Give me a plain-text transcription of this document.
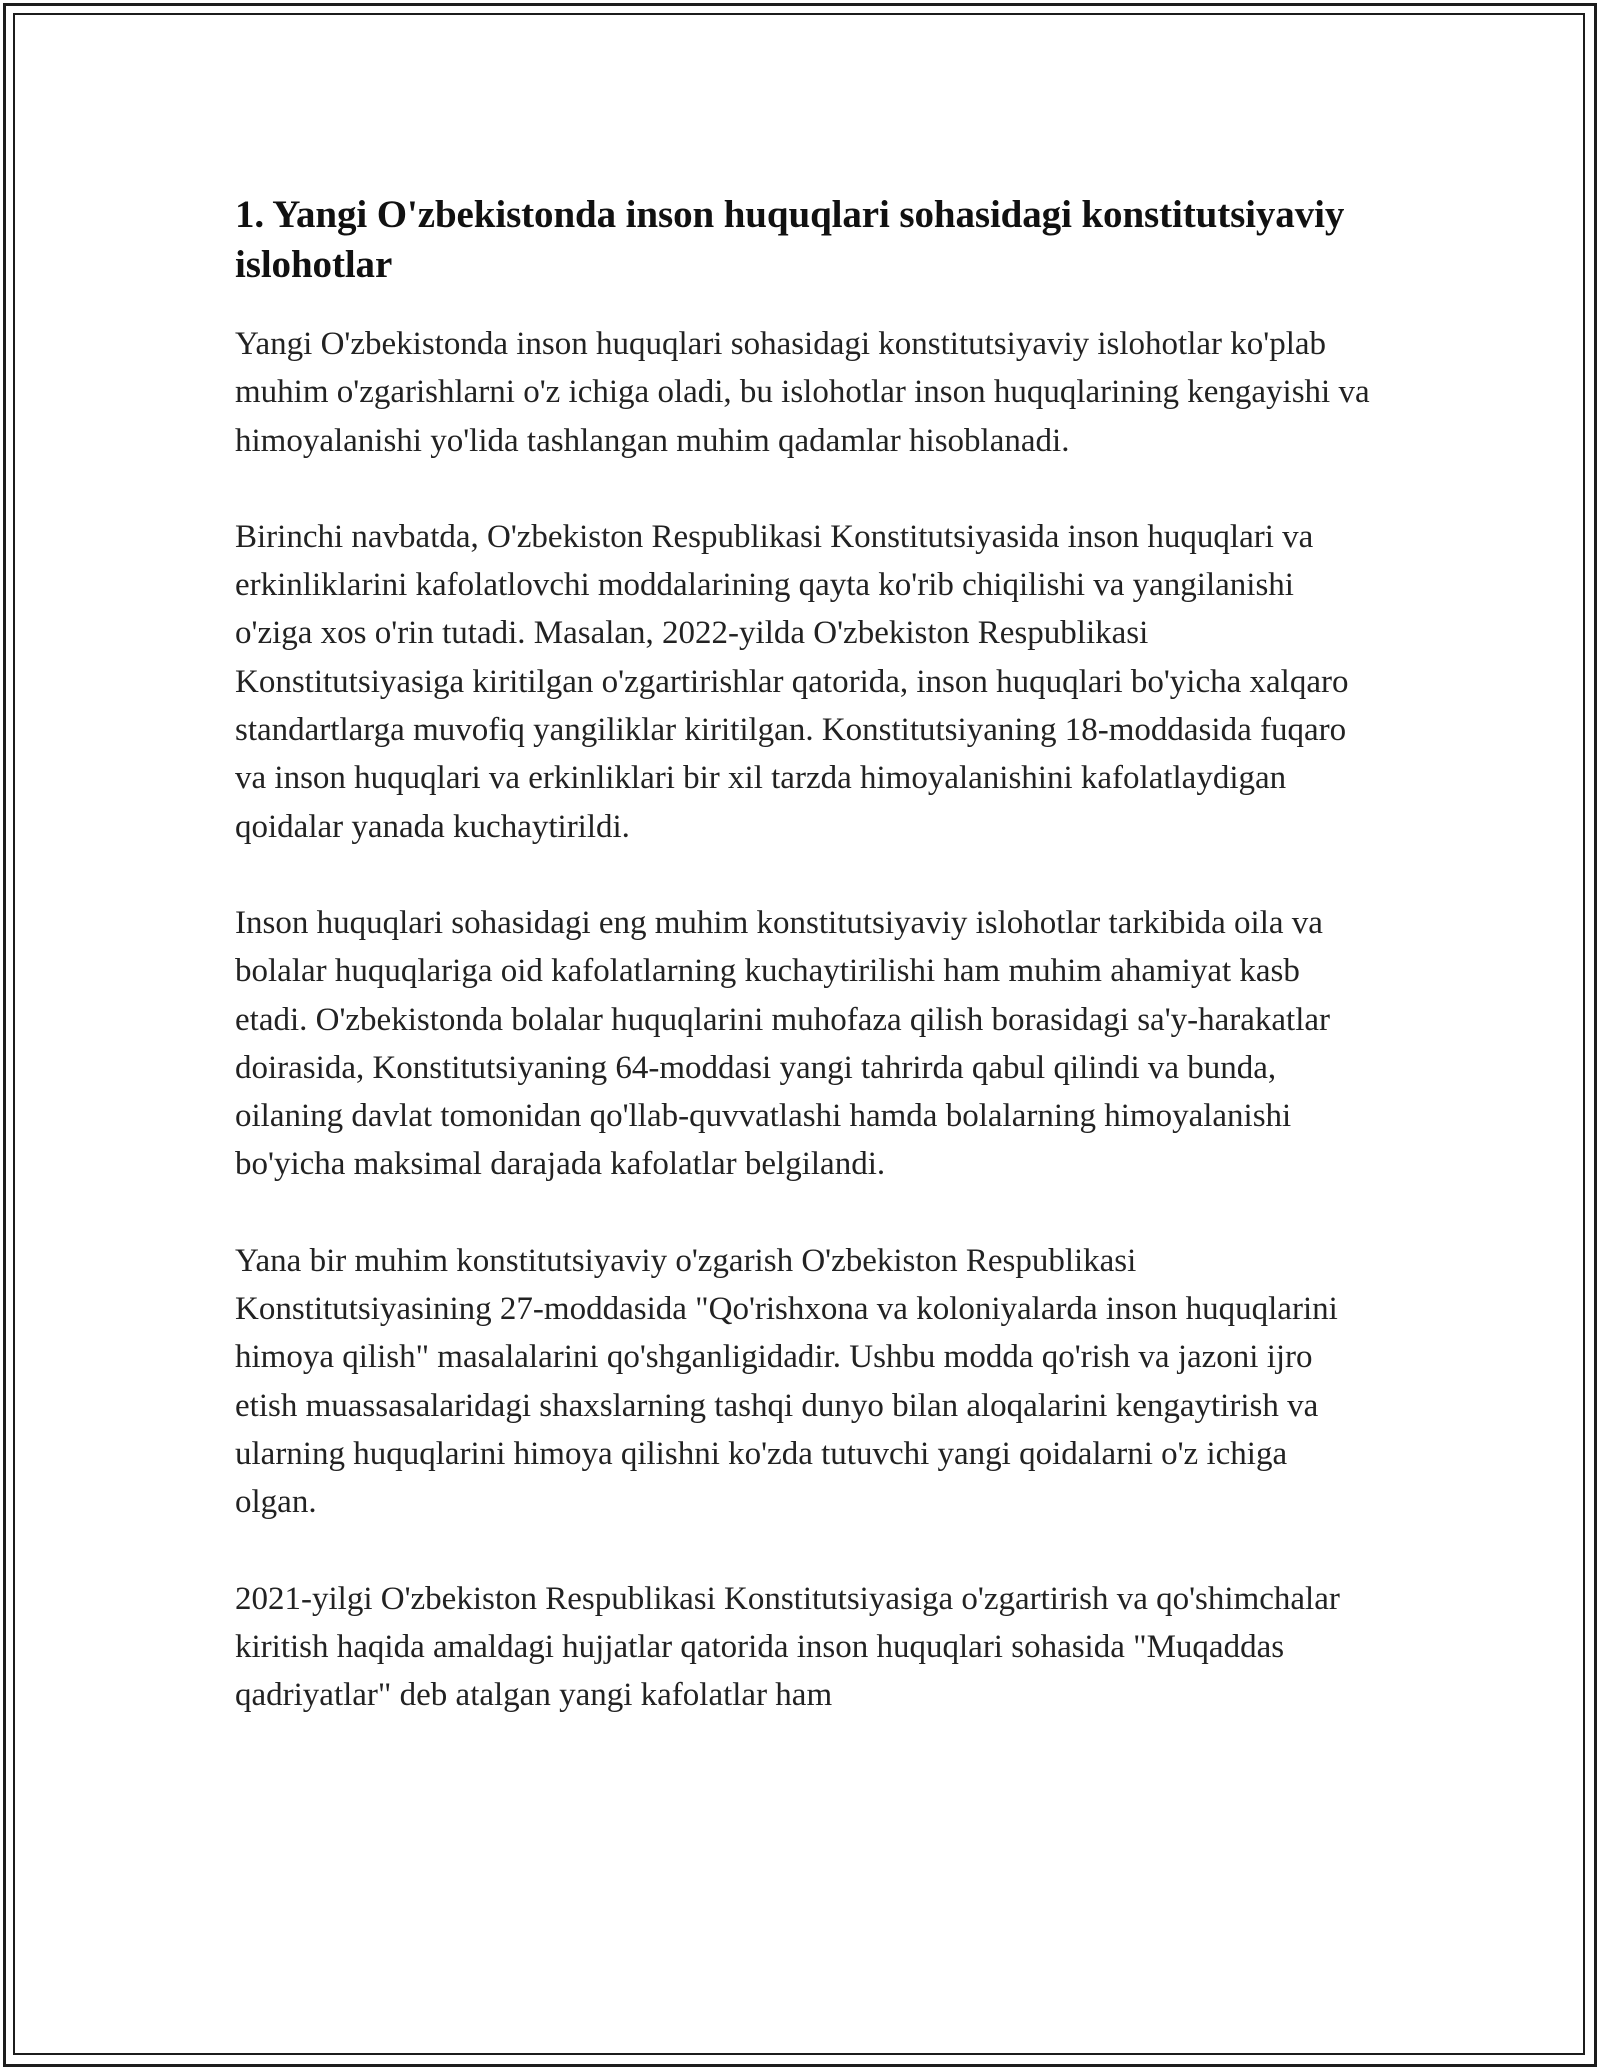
1. Yangi O'zbekistonda inson huquqlari sohasidagi konstitutsiyaviy islohotlar

Yangi O'zbekistonda inson huquqlari sohasidagi konstitutsiyaviy islohotlar ko'plab muhim o'zgarishlarni o'z ichiga oladi, bu islohotlar inson huquqlarining kengayishi va himoyalanishi yo'lida tashlangan muhim qadamlar hisoblanadi.

Birinchi navbatda, O'zbekiston Respublikasi Konstitutsiyasida inson huquqlari va erkinliklarini kafolatlovchi moddalarining qayta ko'rib chiqilishi va yangilanishi o'ziga xos o'rin tutadi. Masalan, 2022-yilda O'zbekiston Respublikasi Konstitutsiyasiga kiritilgan o'zgartirishlar qatorida, inson huquqlari bo'yicha xalqaro standartlarga muvofiq yangiliklar kiritilgan. Konstitutsiyaning 18-moddasida fuqaro va inson huquqlari va erkinliklari bir xil tarzda himoyalanishini kafolatlaydigan qoidalar yanada kuchaytirildi.

Inson huquqlari sohasidagi eng muhim konstitutsiyaviy islohotlar tarkibida oila va bolalar huquqlariga oid kafolatlarning kuchaytirilishi ham muhim ahamiyat kasb etadi. O'zbekistonda bolalar huquqlarini muhofaza qilish borasidagi sa'y-harakatlar doirasida, Konstitutsiyaning 64-moddasi yangi tahrirda qabul qilindi va bunda, oilaning davlat tomonidan qo'llab-quvvatlashi hamda bolalarning himoyalanishi bo'yicha maksimal darajada kafolatlar belgilandi.

Yana bir muhim konstitutsiyaviy o'zgarish O'zbekiston Respublikasi Konstitutsiyasining 27-moddasida "Qo'rishxona va koloniyalarda inson huquqlarini himoya qilish" masalalarini qo'shganligidadir. Ushbu modda qo'rish va jazoni ijro etish muassasalaridagi shaxslarning tashqi dunyo bilan aloqalarini kengaytirish va ularning huquqlarini himoya qilishni ko'zda tutuvchi yangi qoidalarni o'z ichiga olgan.

2021-yilgi O'zbekiston Respublikasi Konstitutsiyasiga o'zgartirish va qo'shimchalar kiritish haqida amaldagi hujjatlar qatorida inson huquqlari sohasida "Muqaddas qadriyatlar" deb atalgan yangi kafolatlar ham
